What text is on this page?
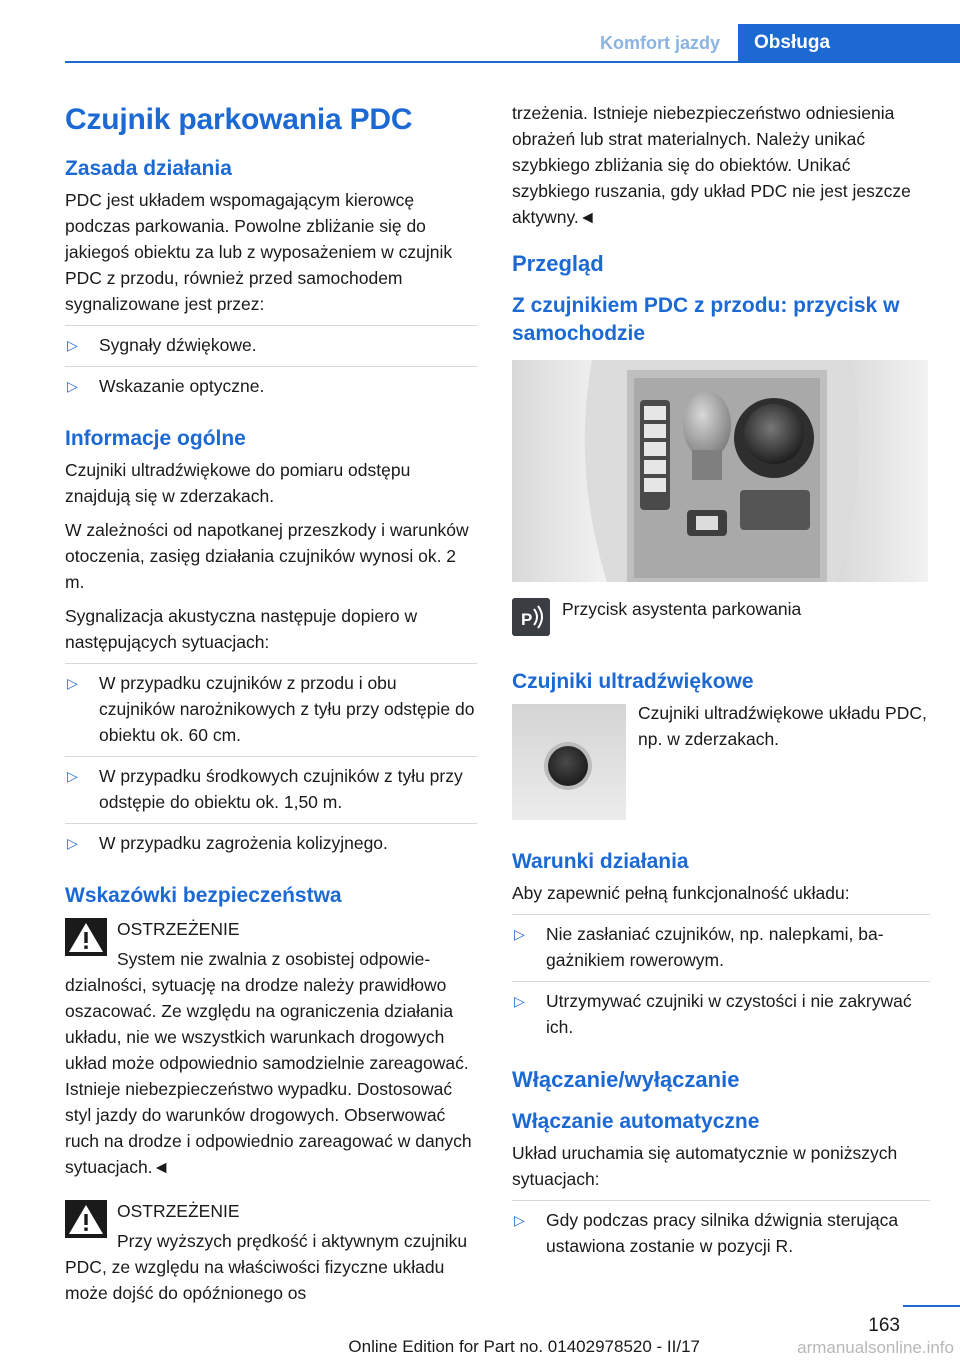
Komfort jazdy	Obsługa
Czujnik parkowania PDC
Zasada działania

PDC jest układem wspomagającym kierowcę podczas parkowania. Powolne zbliżanie się do jakiegoś obiektu za lub z wyposażeniem w czujnik PDC z przodu, również przed samochodem sygnalizowane jest przez:

▷ Sygnały dźwiękowe.
▷ Wskazanie optyczne.
Informacje ogólne

Czujniki ultradźwiękowe do pomiaru odstępu znajdują się w zderzakach.

W zależności od napotkanej przeszkody i warunków otoczenia, zasięg działania czujników wynosi ok. 2 m.

Sygnalizacja akustyczna następuje dopiero w następujących sytuacjach:

▷ W przypadku czujników z przodu i obu czujników narożnikowych z tyłu przy odstępie do obiektu ok. 60 cm.
▷ W przypadku środkowych czujników z tyłu przy odstępie do obiektu ok. 1,50 m.
▷ W przypadku zagrożenia kolizyjnego.
Wskazówki bezpieczeństwa
OSTRZEŻENIE
System nie zwalnia z osobistej odpowiedzialności, sytuację na drodze należy prawidłowo oszacować. Ze względu na ograniczenia działania układu, nie we wszystkich warunkach drogowych układ może odpowiednio samodzielnie zareagować. Istnieje niebezpieczeństwo wypadku. Dostosować styl jazdy do warunków drogowych. Obserwować ruch na drodze i odpowiednio zareagować w danych sytuacjach.◄
OSTRZEŻENIE
Przy wyższych prędkość i aktywnym czujniku PDC, ze względu na właściwości fizyczne układu może dojść do opóźnionego os

trzeżenia. Istnieje niebezpieczeństwo odniesienia obrażeń lub strat materialnych. Należy unikać szybkiego zbliżania się do obiektów. Unikać szybkiego ruszania, gdy układ PDC nie jest jeszcze aktywny.◄

Przegląd
Z czujnikiem PDC z przodu: przycisk w samochodzie
P
Przycisk asystenta parkowania
Czujniki ultradźwiękowe
Czujniki ultradźwiękowe układu PDC, np. w zderzakach.
Warunki działania

Aby zapewnić pełną funkcjonalność układu:

▷ Nie zasłaniać czujników, np. nalepkami, bagażnikiem rowerowym.
▷ Utrzymywać czujniki w czystości i nie zakrywać ich.
Włączanie/wyłączanie
Włączanie automatyczne

Układ uruchamia się automatycznie w poniższych sytuacjach:

▷ Gdy podczas pracy silnika dźwignia sterująca ustawiona zostanie w pozycji R.
163
Online Edition for Part no. 01402978520 - II/17	armanualsonline.info
